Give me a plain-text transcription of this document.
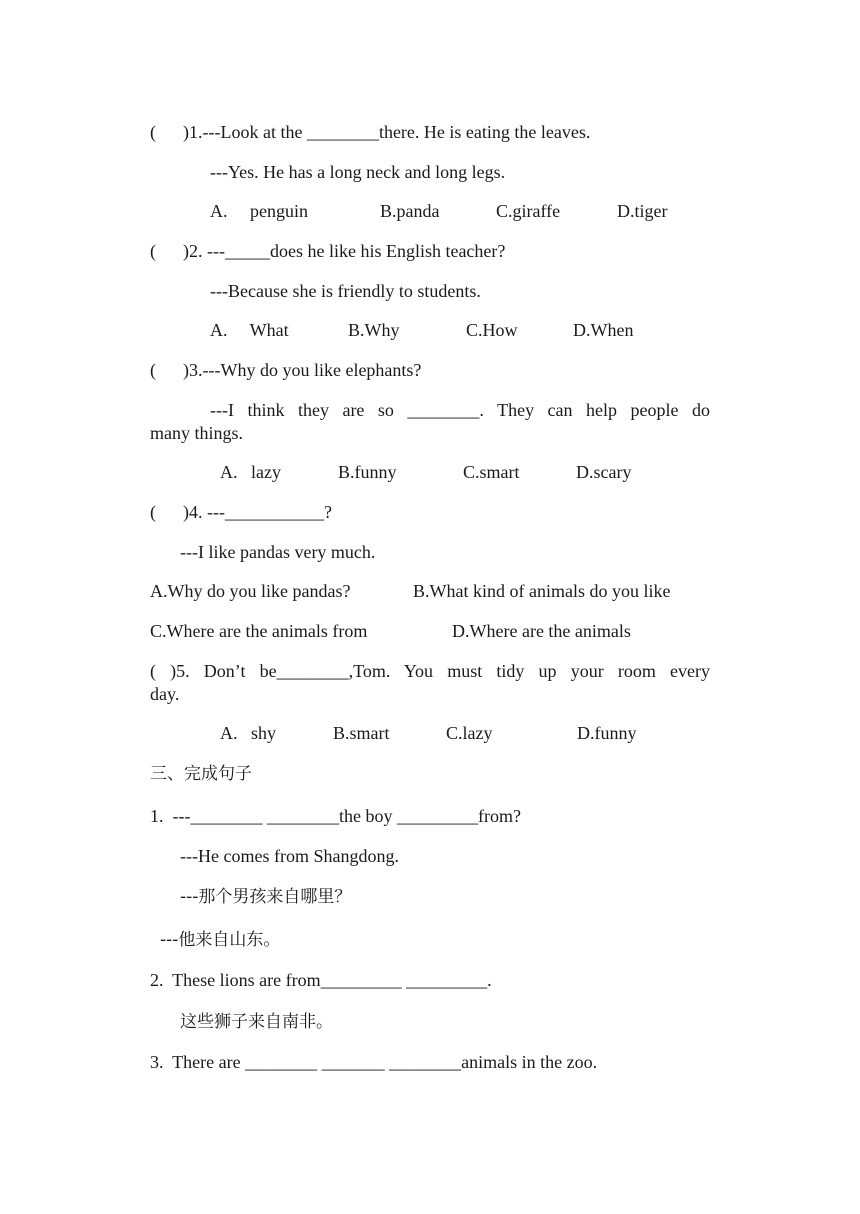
(      )1.---Look at the ________there. He is eating the leaves.
---Yes. He has a long neck and long legs.
A.     penguin	B.panda	C.giraffe	D.tiger
(      )2. ---_____does he like his English teacher?
---Because she is friendly to students.
A.     What	B.Why	C.How	D.When
(      )3.---Why do you like elephants?
---I think they are so ________. They can help people do
many things.
A.   lazy	B.funny	C.smart	D.scary
(      )4. ---___________?
---I like pandas very much.
A.Why do you like pandas?	B.What kind of animals do you like
C.Where are the animals from	D.Where are the animals
( )5. Don’t be________,Tom. You must tidy up your room every
day.
A.   shy	B.smart	C.lazy	D.funny
三、完成句子
1.  ---________ ________the boy _________from?
---He comes from Shangdong.
---那个男孩来自哪里？
---他来自山东。
2.  These lions are from_________ _________.
这些狮子来自南非。
3.  There are ________ _______ ________animals in the zoo.
